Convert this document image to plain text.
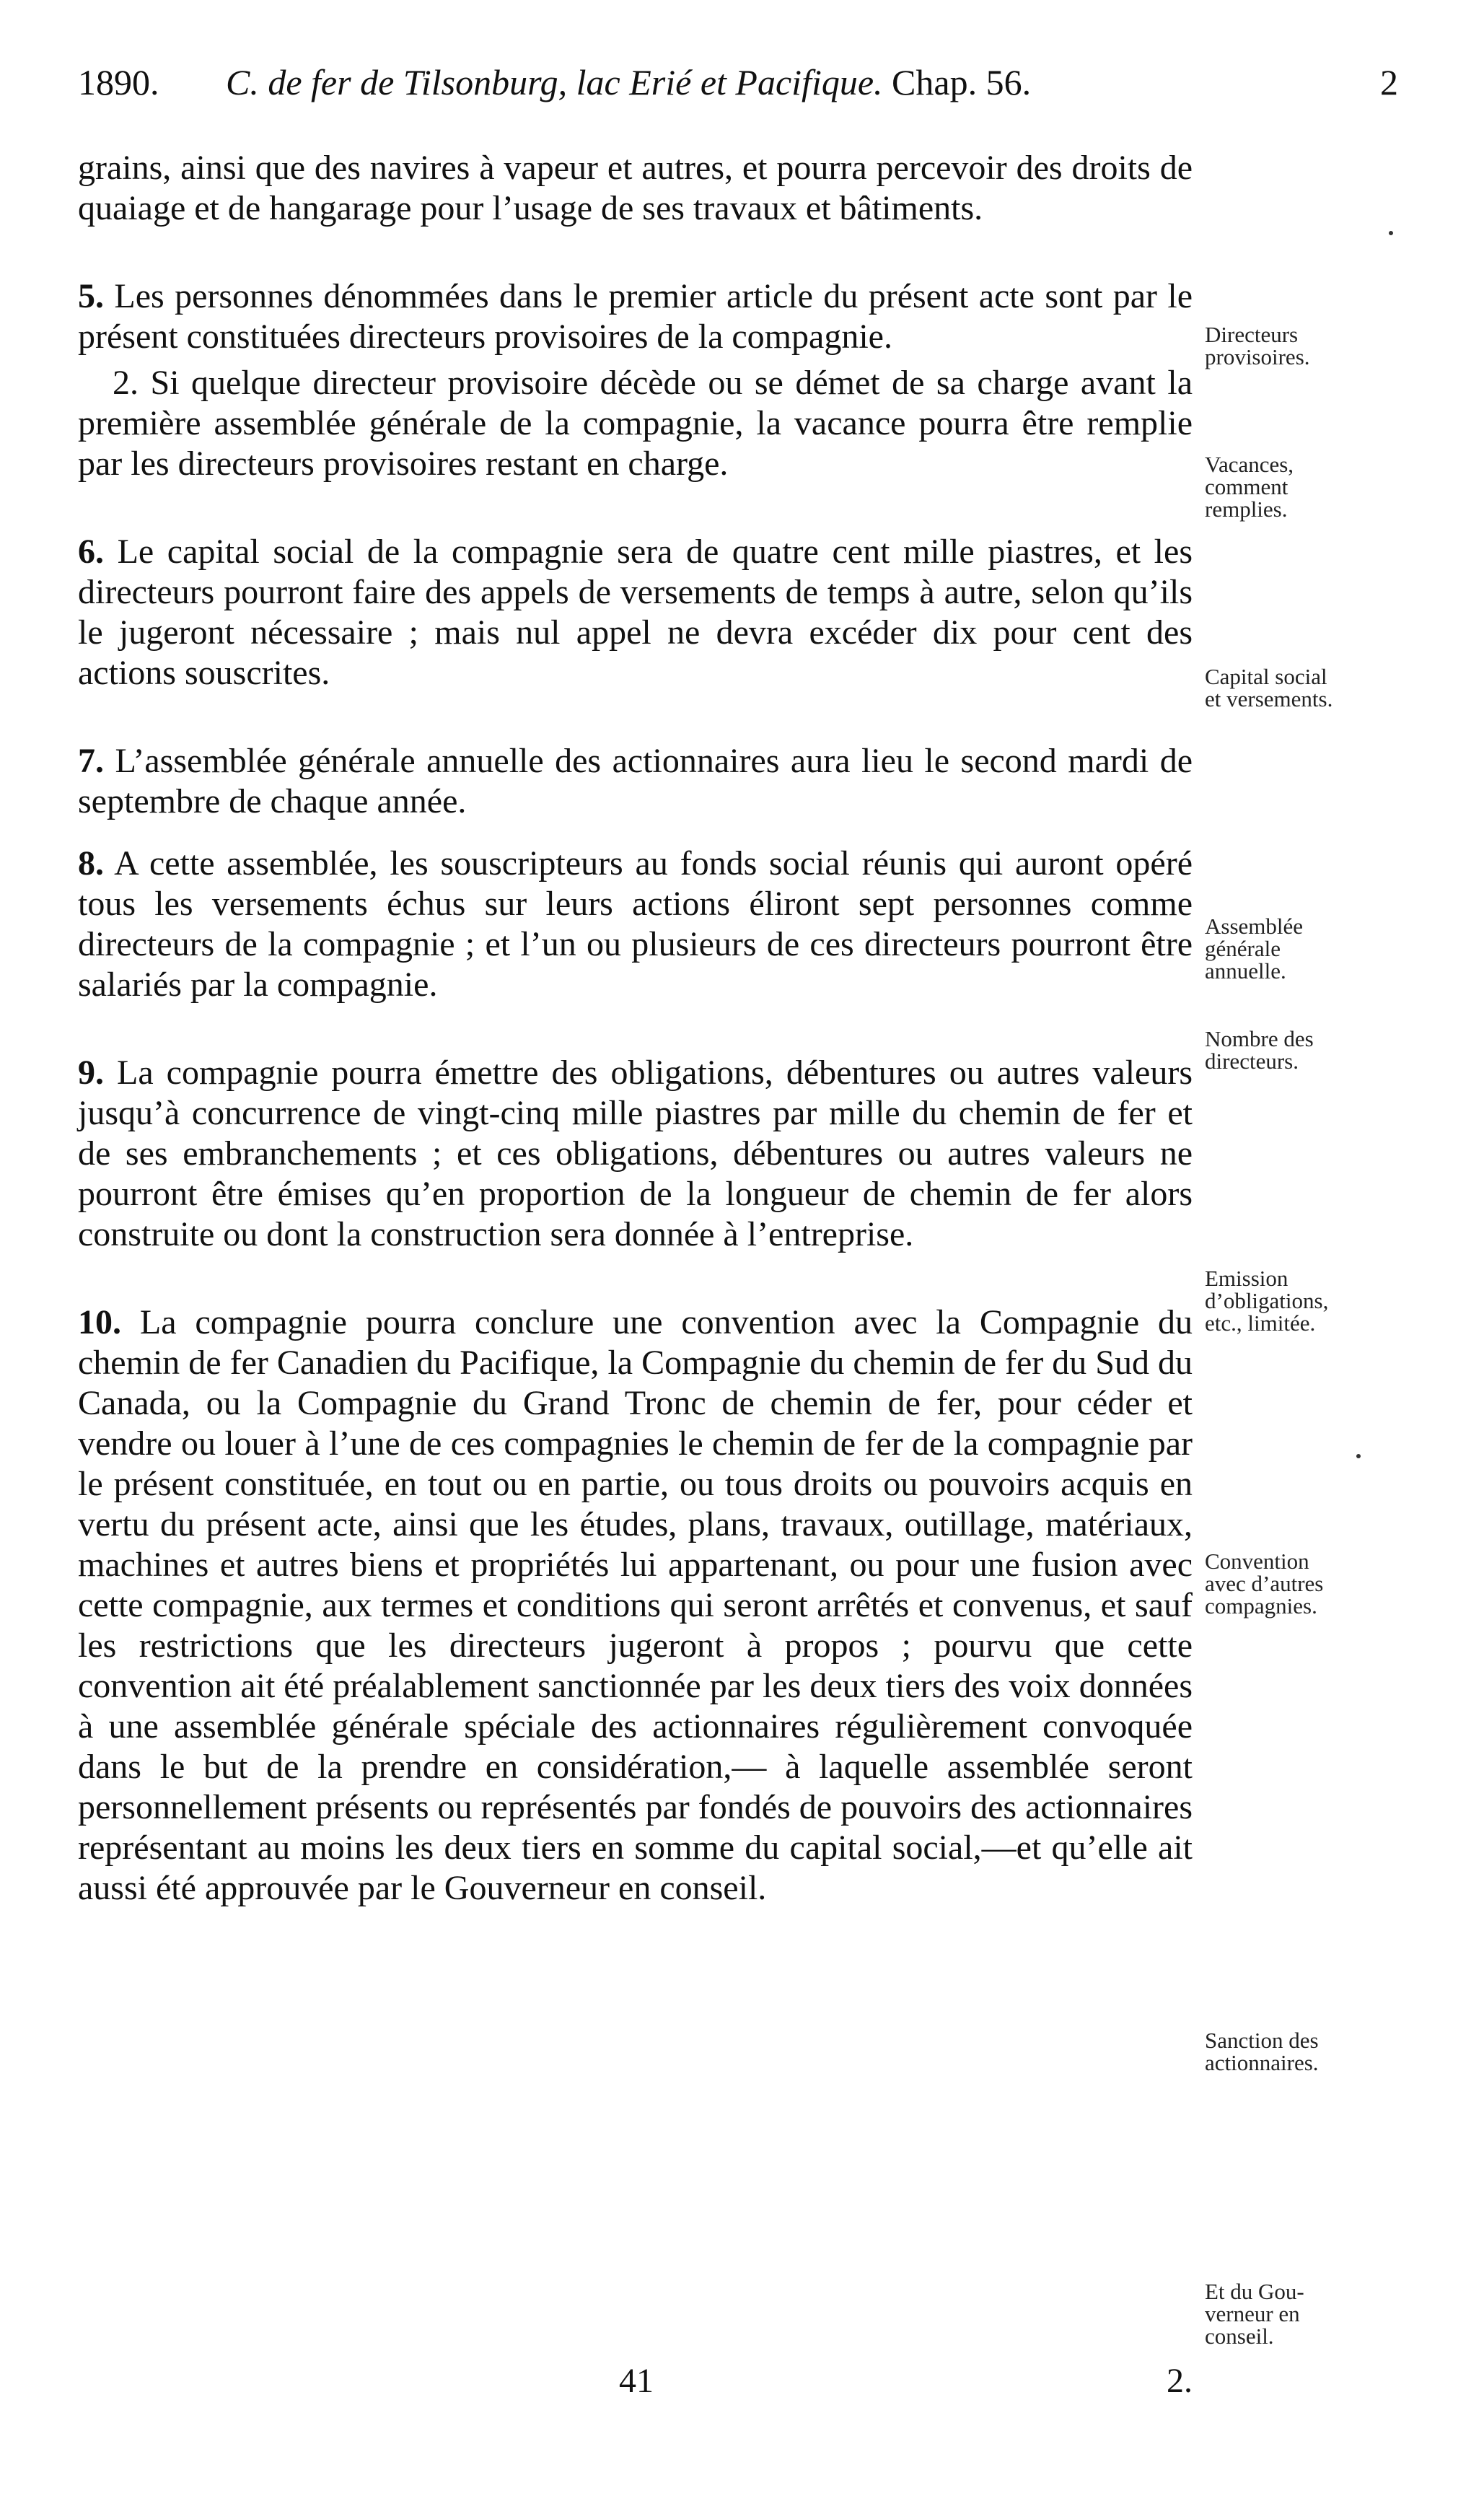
1890. C. de fer de Tilsonburg, lac Erié et Pacifique. Chap. 56.	2

grains, ainsi que des navires à vapeur et autres, et pourra percevoir des droits de quaiage et de hangarage pour l’usage de ses travaux et bâtiments.

5. Les personnes dénommées dans le premier article du présent acte sont par le présent constituées directeurs provisoires de la compagnie.

 2. Si quelque directeur provisoire décède ou se démet de sa charge avant la première assemblée générale de la compagnie, la vacance pourra être remplie par les directeurs provisoires restant en charge.

6. Le capital social de la compagnie sera de quatre cent mille piastres, et les directeurs pourront faire des appels de versements de temps à autre, selon qu’ils le jugeront nécessaire ; mais nul appel ne devra excéder dix pour cent des actions souscrites.

7. L’assemblée générale annuelle des actionnaires aura lieu le second mardi de septembre de chaque année.

8. A cette assemblée, les souscripteurs au fonds social réunis qui auront opéré tous les versements échus sur leurs actions éliront sept personnes comme directeurs de la compagnie ; et l’un ou plusieurs de ces directeurs pourront être salariés par la compagnie.

9. La compagnie pourra émettre des obligations, débentures ou autres valeurs jusqu’à concurrence de vingt-cinq mille piastres par mille du chemin de fer et de ses embranchements ; et ces obligations, débentures ou autres valeurs ne pourront être émises qu’en proportion de la longueur de chemin de fer alors construite ou dont la construction sera donnée à l’entreprise.

10. La compagnie pourra conclure une convention avec la Compagnie du chemin de fer Canadien du Pacifique, la Compagnie du chemin de fer du Sud du Canada, ou la Compagnie du Grand Tronc de chemin de fer, pour céder et vendre ou louer à l’une de ces compagnies le chemin de fer de la compagnie par le présent constituée, en tout ou en partie, ou tous droits ou pouvoirs acquis en vertu du présent acte, ainsi que les études, plans, travaux, outillage, matériaux, machines et autres biens et propriétés lui appartenant, ou pour une fusion avec cette compagnie, aux termes et conditions qui seront arrêtés et convenus, et sauf les restrictions que les directeurs jugeront à propos ; pourvu que cette convention ait été préalablement sanctionnée par les deux tiers des voix données à une assemblée générale spéciale des actionnaires régulièrement convoquée dans le but de la prendre en considération,— à laquelle assemblée seront personnellement présents ou représentés par fondés de pouvoirs des actionnaires représentant au moins les deux tiers en somme du capital social,—et qu’elle ait aussi été approuvée par le Gouverneur en conseil.

Directeurs
provisoires.
Vacances,
comment
remplies.
Capital social
et versements.
Assemblée
générale
annuelle.
Nombre des
directeurs.
Emission
d’obligations,
etc., limitée.
Convention
avec d’autres
compagnies.
Sanction des
actionnaires.
Et du Gou-
verneur en
conseil.
41	2.
